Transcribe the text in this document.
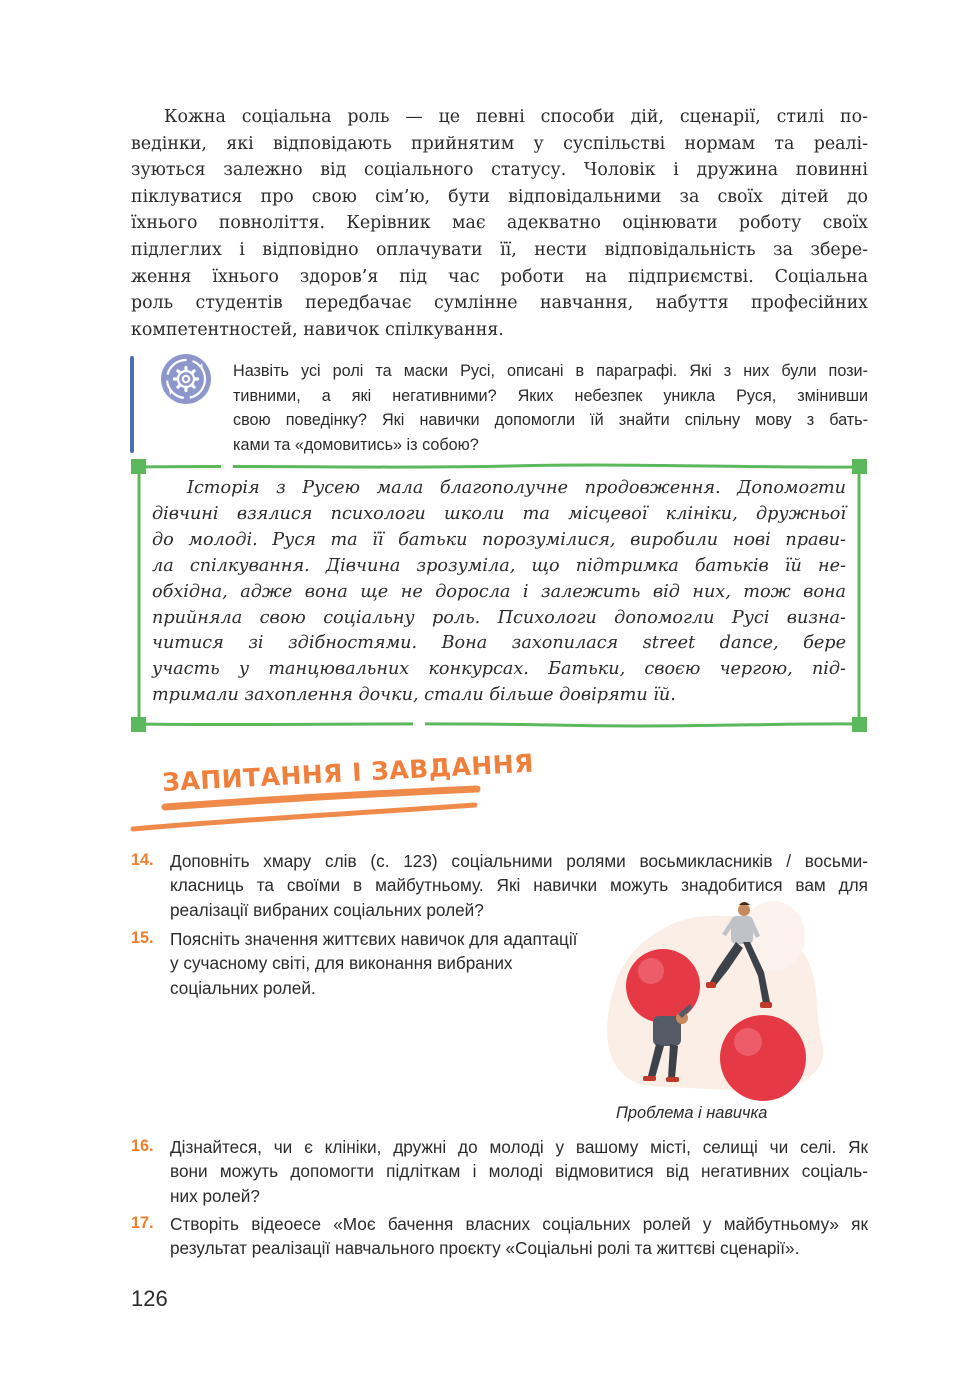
Кожна соціальна роль — це певні способи дій, сценарії, стилі по-
ведінки, які відповідають прийнятим у суспільстві нормам та реалі-
зуються залежно від соціального статусу. Чоловік і дружина повинні
піклуватися про свою сім’ю, бути відповідальними за своїх дітей до
їхнього повноліття. Керівник має адекватно оцінювати роботу своїх
підлеглих і відповідно оплачувати її, нести відповідальність за збере-
ження їхнього здоров’я під час роботи на підприємстві. Соціальна
роль студентів передбачає сумлінне навчання, набуття професійних
компетентностей, навичок спілкування.

Назвіть усі ролі та маски Русі, описані в параграфі. Які з них були пози-
тивними, а які негативними? Яких небезпек уникла Руся, змінивши
свою поведінку? Які навички допомогли їй знайти спільну мову з бать-
ками та «домовитись» із собою?

Історія з Русею мала благополучне продовження. Допомогти
дівчині взялися психологи школи та місцевої клініки, дружньої
до молоді. Руся та її батьки порозумілися, виробили нові прави-
ла спілкування. Дівчина зрозуміла, що підтримка батьків їй не-
обхідна, адже вона ще не доросла і залежить від них, тож вона
прийняла свою соціальну роль. Психологи допомогли Русі визна-
читися зі здібностями. Вона захопилася street dance, бере
участь у танцювальних конкурсах. Батьки, своєю чергою, під-
тримали захоплення дочки, стали більше довіряти їй.

ЗАПИТАННЯ І ЗАВДАННЯ

14. Доповніть хмару слів (с. 123) соціальними ролями восьмикласників / восьми-
класниць та своїми в майбутньому. Які навички можуть знадобитися вам для
реалізації вибраних соціальних ролей?

15. Поясніть значення життєвих навичок для адаптації
у сучасному світі, для виконання вибраних
соціальних ролей.

Проблема і навичка

16. Дізнайтеся, чи є клініки, дружні до молоді у вашому місті, селищі чи селі. Як
вони можуть допомогти підліткам і молоді відмовитися від негативних соціаль-
них ролей?

17. Створіть відеоесе «Моє бачення власних соціальних ролей у майбутньому» як
результат реалізації навчального проєкту «Соціальні ролі та життєві сценарії».

126
